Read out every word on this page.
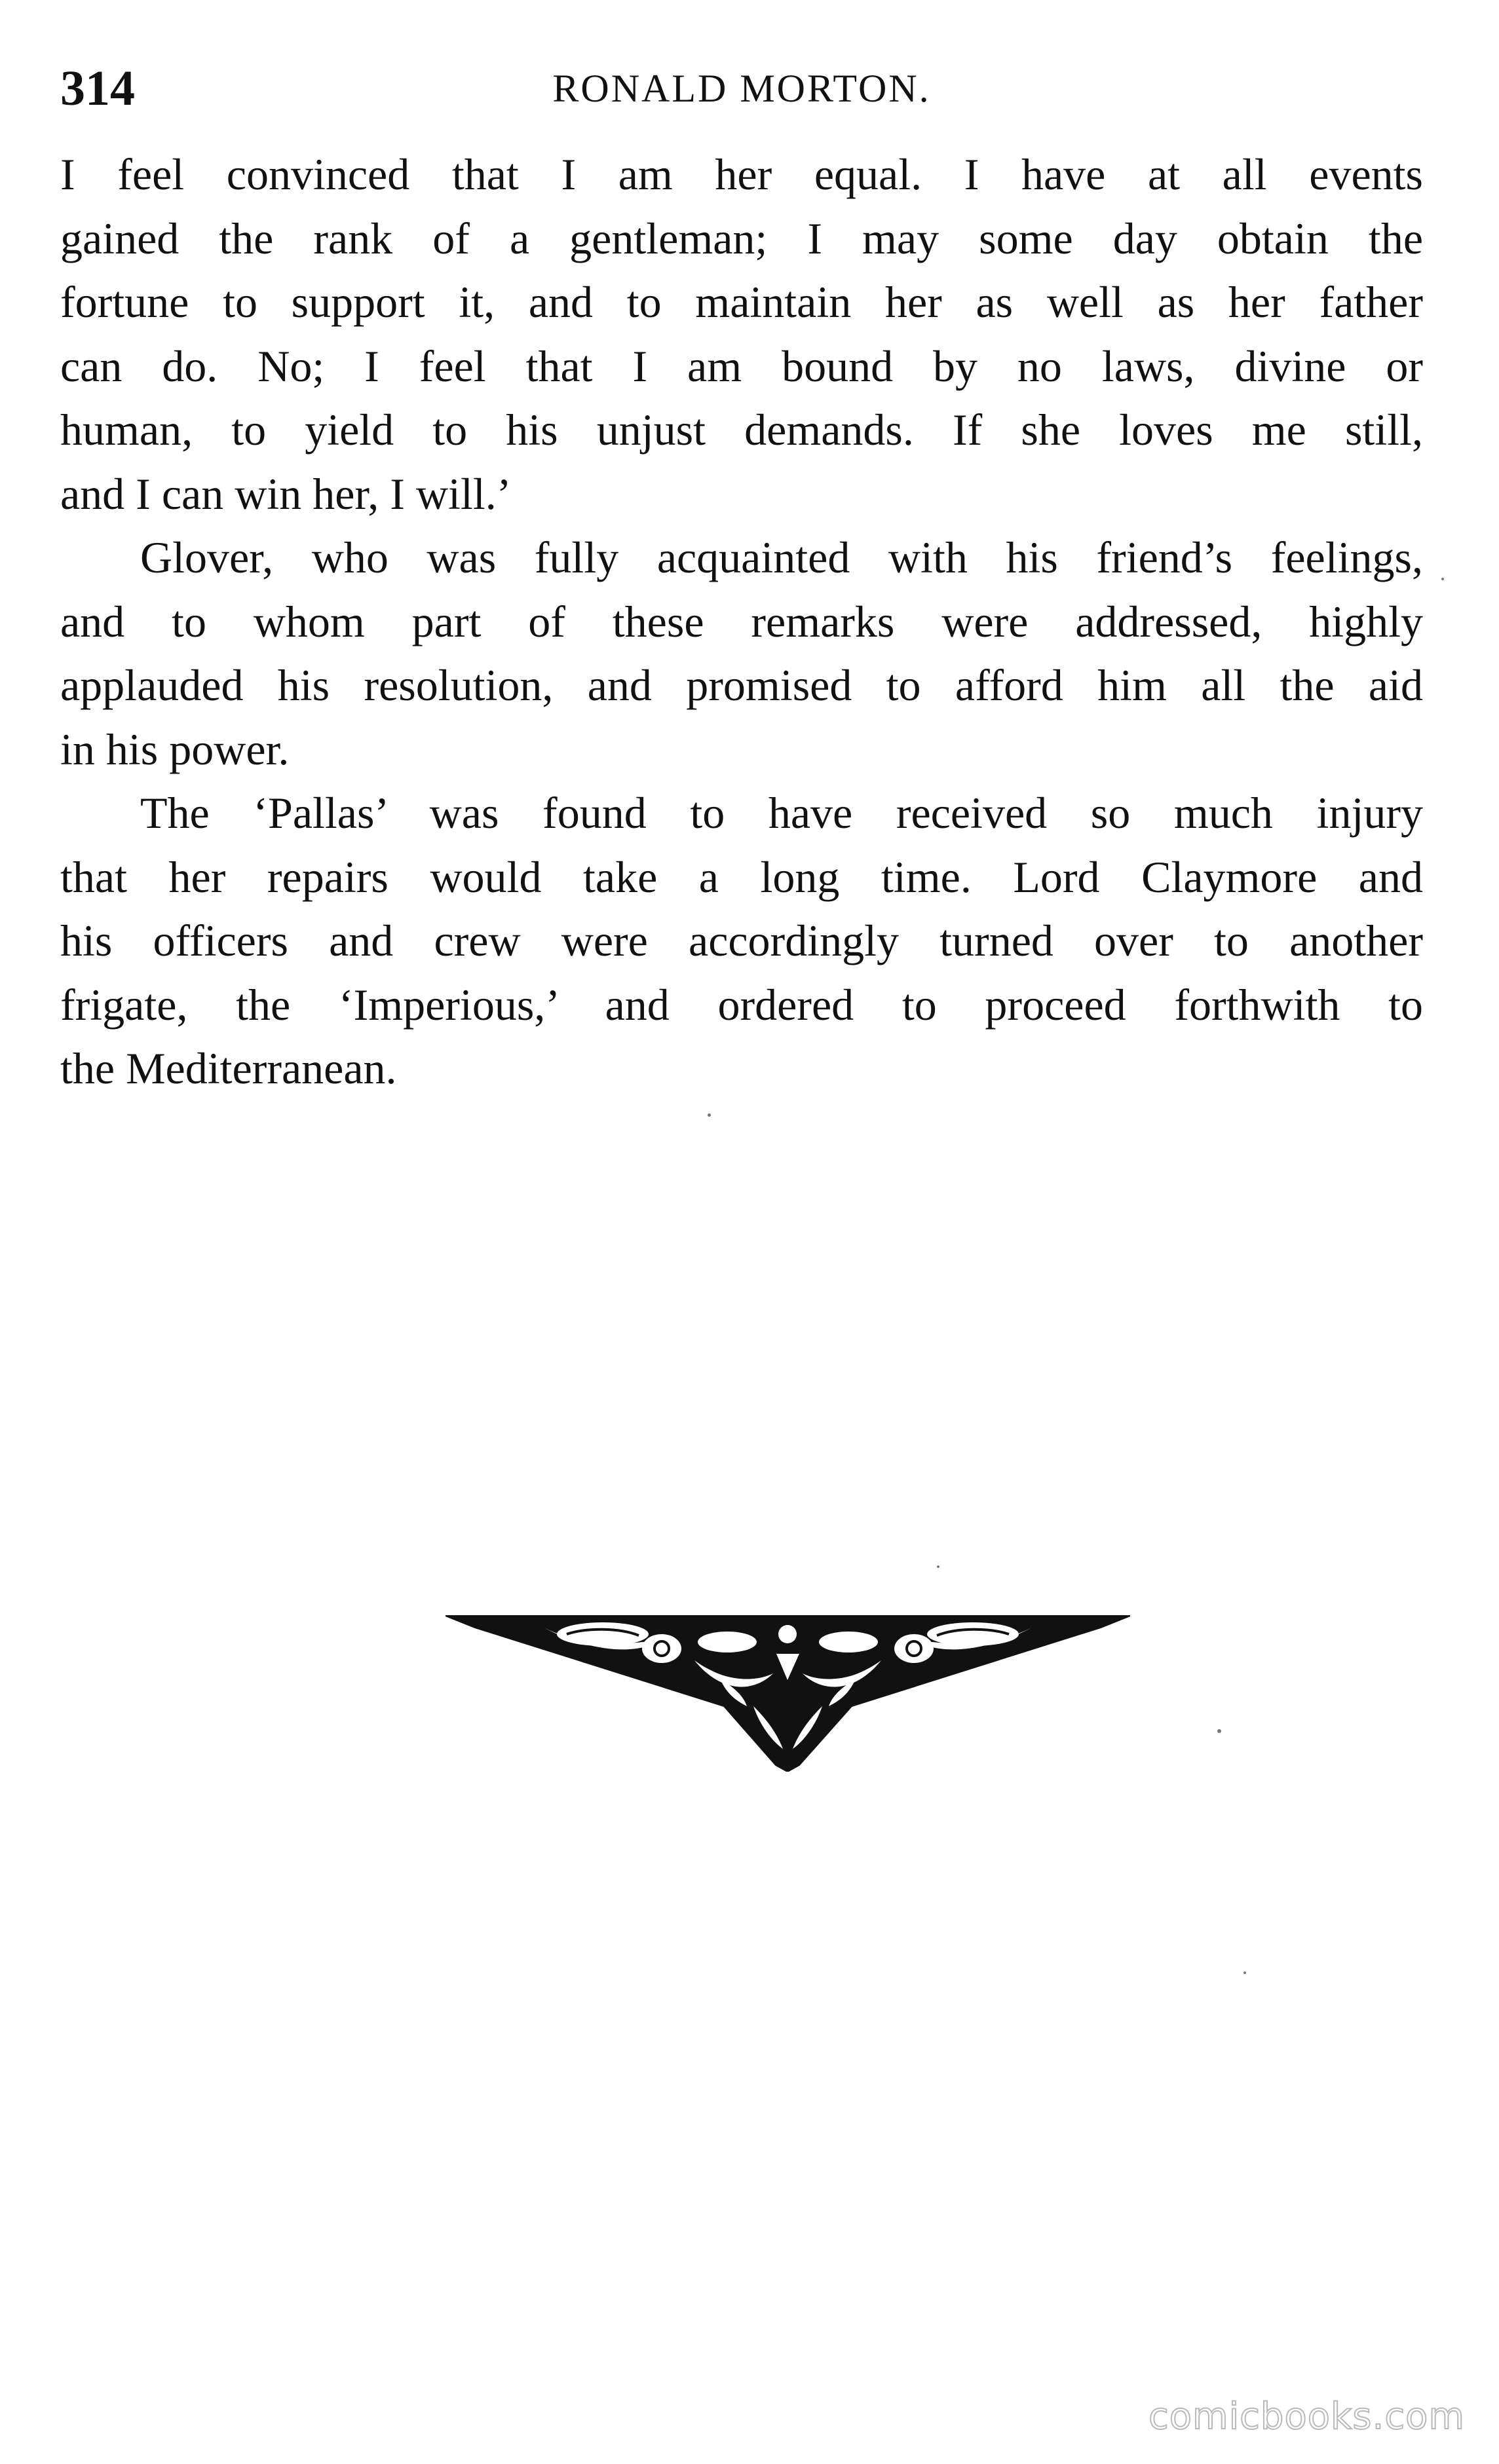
314	RONALD MORTON.

I feel convinced that I am her equal. I have at all events
gained the rank of a gentleman; I may some day obtain the
fortune to support it, and to maintain her as well as her father
can do. No; I feel that I am bound by no laws, divine or
human, to yield to his unjust demands. If she loves me still,
and I can win her, I will.’

Glover, who was fully acquainted with his friend’s feelings,
and to whom part of these remarks were addressed, highly
applauded his resolution, and promised to afford him all the aid
in his power.

The ‘Pallas’ was found to have received so much injury
that her repairs would take a long time. Lord Claymore and
his officers and crew were accordingly turned over to another
frigate, the ‘Imperious,’ and ordered to proceed forthwith to
the Mediterranean.

comicbooks.com
